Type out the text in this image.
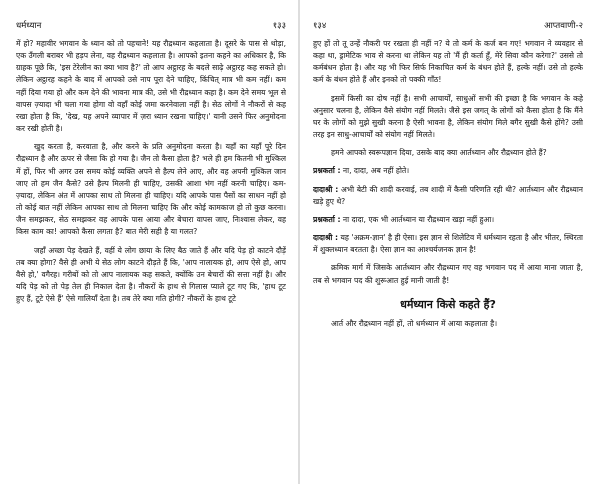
धर्मध्यान	१३३

में हो? महावीर भगवान के ध्यान को तो पहचाने! यह रौद्रध्यान कहलाता है। दूसरे के पास से थोड़ा, एक उँगली बराबर भी हड़प लेना, वह रौद्रध्यान कहलाता है। आपको इतना कहने का अधिकार है, कि ग्राहक पूछे कि, 'इस टेरेलीन का क्या भाव है?' तो आप अट्ठारह के बदले साढ़े अट्ठारह कह सकते हो। लेकिन अट्ठारह कहने के बाद में आपको उसे नाप पूरा देने चाहिए, किंचित् मात्र भी कम नहीं। कम नहीं दिया गया हो और कम देने की भावना मात्र की, उसे भी रौद्रध्यान कहा है। कम देने समय भूल से वापस ज़्यादा भी चला गया होगा वो वहाँ कोई जमा करनेवाला नहीं है। सेठ लोगों ने नौकरों से कह रखा होता है कि, 'देख, यह अपने व्यापार में ज़रा ध्यान रखना चाहिए।' यानी उसने फिर अनुमोदना कर रखी होती है।

खुद करता है, करवाता है, और करने के प्रति अनुमोदना करता है। यहाँ का यहाँ पूरे दिन रौद्रध्यान है और ऊपर से जैसा कि हो गया है। जैन तो कैसा होता है? भले ही हम कितनी भी मुश्किल में हों, फिर भी अगर उस समय कोई व्यक्ति अपने से हैल्प लेने आए, और वह अपनी मुश्किल जान जाए तो हम जैन कैसे? उसे हैल्प मिलनी ही चाहिए, उसकी आशा भंग नहीं करनी चाहिए। कम-ज़्यादा, लेकिन अंत में आपका साथ तो मिलना ही चाहिए। यदि आपके पास पैसों का साधन नहीं हो तो कोई बात नहीं लेकिन आपका साथ तो मिलना चाहिए कि और कोई कामकाज हो तो कुछ करना। जैन समझकर, सेठ समझकर वह आपके पास आया और बेचारा वापस जाए, निःश्वास लेकर, वह किस काम का! आपको कैसा लगता है? बात मेरी सही है या गलत?

जहाँ अच्छा पेड़ देखते हैं, वहीं ये लोग छाया के लिए बैठ जाते हैं और यदि पेड़ हो काटने दौड़ें तब क्या होगा? वैसे ही अभी ये सेठ लोग काटने दौड़ते हैं कि, 'आप नालायक हो, आप ऐसे हो, आप वैसे हो,' वगैरह। गरीबों को तो आप नालायक कह सकते, क्योंकि उन बेचारों की सत्ता नहीं है। और यदि पेड़ को तो पेड़ तेल ही निकाल देता है। नौकरों के हाथ से गिलास प्याले टूट गए कि, 'हाथ टूट हुए हैं, टूटे ऐसे हैं' ऐसे गालियाँ देता है। तब तेरे क्या गति होगी? नौकरों के हाथ टूटे

१३४	आप्तवाणी-२

हुए हों तो तू उन्हें नौकरी पर रखता ही नहीं न? ये तो कर्म के कर्ज बन गए! भगवान ने व्यवहार से कहा था, ड्रामेटिक भाव से करना था लेकिन यह तो 'मैं ही कर्ता हूँ, मेरे सिवा कौन करेगा?' उससे तो कर्मबंधन होता है। और यह भी फिर सिर्फ निकाचित कर्म के बंधन होते हैं, हल्के नहीं। उसे तो हल्के कर्म के बंधन होते हैं और इनको तो पक्की गाँठ!

इसमें किसी का दोष नहीं है। सभी आचार्यों, साधुओं सभी की इच्छा है कि भगवान के कहे अनुसार चलना है, लेकिन वैसे संयोग नहीं मिलते। जैसे इस जगत् के लोगों को कैसा होता है कि मैंने घर के लोगों को मुझे सुखी करना है ऐसी भावना है, लेकिन संयोग मिले बगैर सुखी कैसे होंगे? उसी तरह इन साधु-आचार्यों को संयोग नहीं मिलते।

हमने आपको स्वरूपज्ञान दिया, उसके बाद क्या आर्तध्यान और रौद्रध्यान होते हैं?

प्रश्नकर्ता : ना, दादा, अब नहीं होते।

दादाश्री : अभी बेटी की शादी करवाई, तब शादी में कैसी परिणति रही थी? आर्तध्यान और रौद्रध्यान खड़े हुए थे?

प्रश्नकर्ता : ना दादा, एक भी आर्तध्यान या रौद्रध्यान खड़ा नहीं हुआ।

दादाश्री : यह 'अक्रम-ज्ञान' है ही ऐसा। इस ज्ञान से शिलेटिव में धर्मध्यान रहता है और भीतर, स्थिरता में शुक्लध्यान बरतता है। ऐसा ज्ञान का आश्चर्यजनक ज्ञान है!

क्रमिक मार्ग में जिसके आर्तध्यान और रौद्रध्यान गए वह भगवान पद में आया माना जाता है, तब से भगवान पद की शुरूआत हुई मानी जाती है!

धर्मध्यान किसे कहते हैं?

आर्त और रौद्रध्यान नहीं हों, तो धर्मध्यान में आया कहलाता है।
